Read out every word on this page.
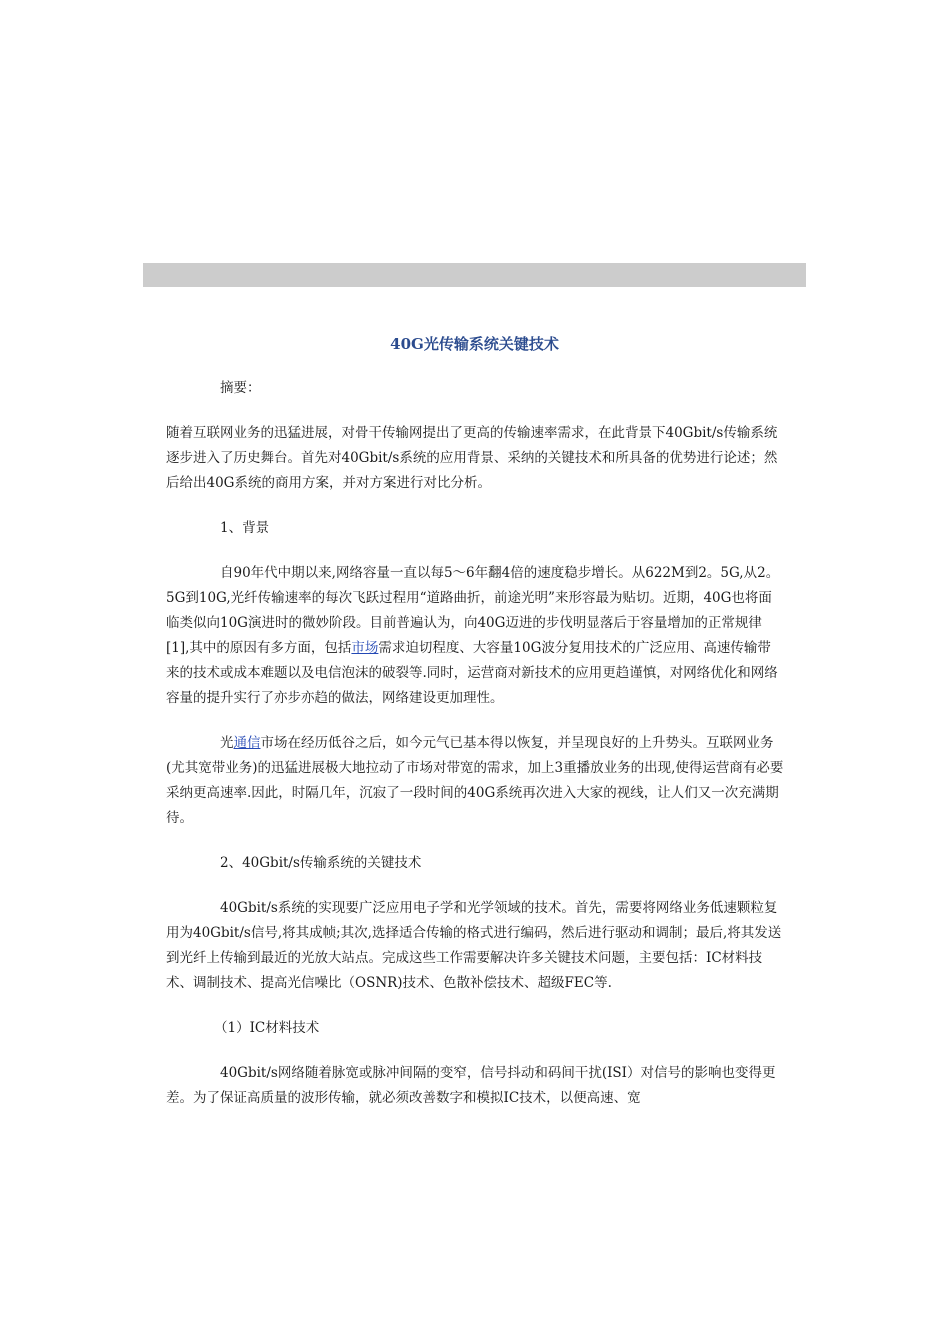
40G光传输系统关键技术

摘要：

随着互联网业务的迅猛进展，对骨干传输网提出了更高的传输速率需求，在此背景下40Gbit/s传输系统逐步进入了历史舞台。首先对40Gbit/s系统的应用背景、采纳的关键技术和所具备的优势进行论述；然后给出40G系统的商用方案，并对方案进行对比分析。

1、背景

自90年代中期以来,网络容量一直以每5～6年翻4倍的速度稳步增长。从622M到2。5G,从2。5G到10G,光纤传输速率的每次飞跃过程用“道路曲折，前途光明”来形容最为贴切。近期，40G也将面临类似向10G演进时的微妙阶段。目前普遍认为，向40G迈进的步伐明显落后于容量增加的正常规律[1],其中的原因有多方面，包括市场需求迫切程度、大容量10G波分复用技术的广泛应用、高速传输带来的技术或成本难题以及电信泡沫的破裂等.同时，运营商对新技术的应用更趋谨慎，对网络优化和网络容量的提升实行了亦步亦趋的做法，网络建设更加理性。

光通信市场在经历低谷之后，如今元气已基本得以恢复，并呈现良好的上升势头。互联网业务(尤其宽带业务)的迅猛进展极大地拉动了市场对带宽的需求，加上3重播放业务的出现,使得运营商有必要采纳更高速率.因此，时隔几年，沉寂了一段时间的40G系统再次进入大家的视线，让人们又一次充满期待。

2、40Gbit/s传输系统的关键技术

40Gbit/s系统的实现要广泛应用电子学和光学领域的技术。首先，需要将网络业务低速颗粒复用为40Gbit/s信号,将其成帧;其次,选择适合传输的格式进行编码，然后进行驱动和调制；最后,将其发送到光纤上传输到最近的光放大站点。完成这些工作需要解决许多关键技术问题，主要包括：IC材料技术、调制技术、提高光信噪比（OSNR)技术、色散补偿技术、超级FEC等.

（1）IC材料技术

40Gbit/s网络随着脉宽或脉冲间隔的变窄，信号抖动和码间干扰(ISI）对信号的影响也变得更差。为了保证高质量的波形传输，就必须改善数字和模拟IC技术，以便高速、宽
